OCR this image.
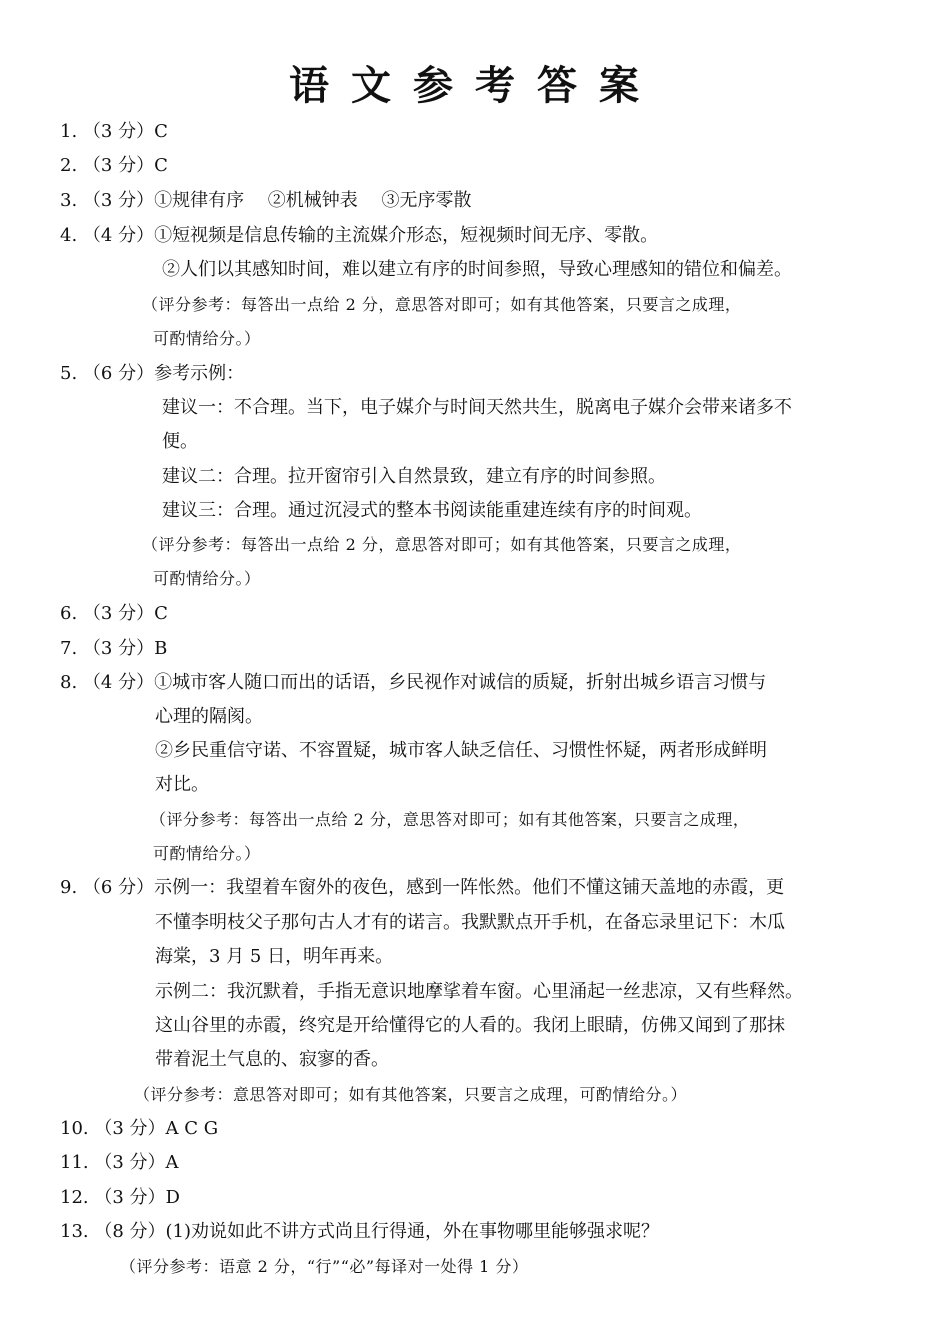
语文参考答案
1. （3 分）C
2. （3 分）C
3. （3 分）①规律有序　 ②机械钟表　 ③无序零散
4. （4 分）①短视频是信息传输的主流媒介形态，短视频时间无序、零散。
②人们以其感知时间，难以建立有序的时间参照，导致心理感知的错位和偏差。
（评分参考：每答出一点给 2 分，意思答对即可；如有其他答案，只要言之成理，
可酌情给分。）
5. （6 分）参考示例：
建议一：不合理。当下，电子媒介与时间天然共生，脱离电子媒介会带来诸多不
便。
建议二：合理。拉开窗帘引入自然景致，建立有序的时间参照。
建议三：合理。通过沉浸式的整本书阅读能重建连续有序的时间观。
（评分参考：每答出一点给 2 分，意思答对即可；如有其他答案，只要言之成理，
可酌情给分。）
6. （3 分）C
7. （3 分）B
8. （4 分）①城市客人随口而出的话语，乡民视作对诚信的质疑，折射出城乡语言习惯与
心理的隔阂。
②乡民重信守诺、不容置疑，城市客人缺乏信任、习惯性怀疑，两者形成鲜明
对比。
（评分参考：每答出一点给 2 分，意思答对即可；如有其他答案，只要言之成理，
可酌情给分。）
9. （6 分）示例一：我望着车窗外的夜色，感到一阵怅然。他们不懂这铺天盖地的赤霞，更
不懂李明枝父子那句古人才有的诺言。我默默点开手机，在备忘录里记下：木瓜
海棠，3 月 5 日，明年再来。
示例二：我沉默着，手指无意识地摩挲着车窗。心里涌起一丝悲凉，又有些释然。
这山谷里的赤霞，终究是开给懂得它的人看的。我闭上眼睛，仿佛又闻到了那抹
带着泥土气息的、寂寥的香。
（评分参考：意思答对即可；如有其他答案，只要言之成理，可酌情给分。）
10. （3 分）A C G
11. （3 分）A
12. （3 分）D
13. （8 分）(1)劝说如此不讲方式尚且行得通，外在事物哪里能够强求呢？
（评分参考：语意 2 分，“行”“必”每译对一处得 1 分）
